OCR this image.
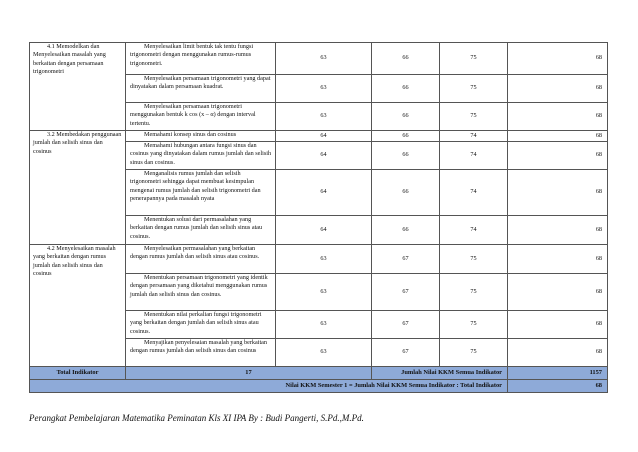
4.1 Memodelkan dan Menyelesaikan masalah yang berkaitan dengan persamaan trigonometri	Menyelesaikan limit bentuk tak tentu fungsi trigonometri dengan menggunakan rumus-rumus trigonometri.	63	66	75	68
	Menyelesaikan persamaan trigonometri yang dapat dinyatakan dalam persamaan kuadrat.	63	66	75	68
	Menyelesaikan persamaan trigonometri menggunakan bentuk k cos (x – α) dengan interval tertentu.	63	66	75	68
3.2 Membedakan penggunaan jumlah dan selisih sinus dan cosinus	Memahami konsep sinus dan cosinus	64	66	74	68
	Memahami hubungan antara fungsi sinus dan cosinus yang dinyatakan dalam rumus jumlah dan selisih sinus dan cosinus.	64	66	74	68
	Menganalisis rumus jumlah dan selisih trigonometri sehingga dapat membuat kesimpulan mengenai rumus jumlah dan selisih trigonometri dan penerapannya pada masalah nyata	64	66	74	68
	Menentukan solusi dari permasalahan yang berkaitan dengan rumus jumlah dan selisih sinus atau cosinus.	64	66	74	68
4.2 Menyelesaikan masalah yang berkaitan dengan rumus jumlah dan selisih sinus dan cosinus	Menyelesaikan permasalahan yang berkaitan dengan rumus jumlah dan selisih sinus atau cosinus.	63	67	75	68
	Menentukan persamaan trigonometri yang identik dengan persamaan yang diketahui menggunakan rumus jumlah dan selisih sinus dan cosinus.	63	67	75	68
	Menentukan nilai perkalian fungsi trigonometri yang berkaitan dengan jumlah dan selisih sinus atau cosinus.	63	67	75	68
	Menyajikan penyelesaian masalah yang berkaitan dengan rumus jumlah dan selisih sinus dan cosinus	63	67	75	68
Total Indikator	17		Jumlah Nilai KKM Semua Indikator		1157
Nilai KKM Semester 1 = Jumlah Nilai KKM Semua Indikator : Total Indikator					68
Perangkat Pembelajaran Matematika Peminatan Kls XI IPA By : Budi Pangerti, S.Pd.,M.Pd.
